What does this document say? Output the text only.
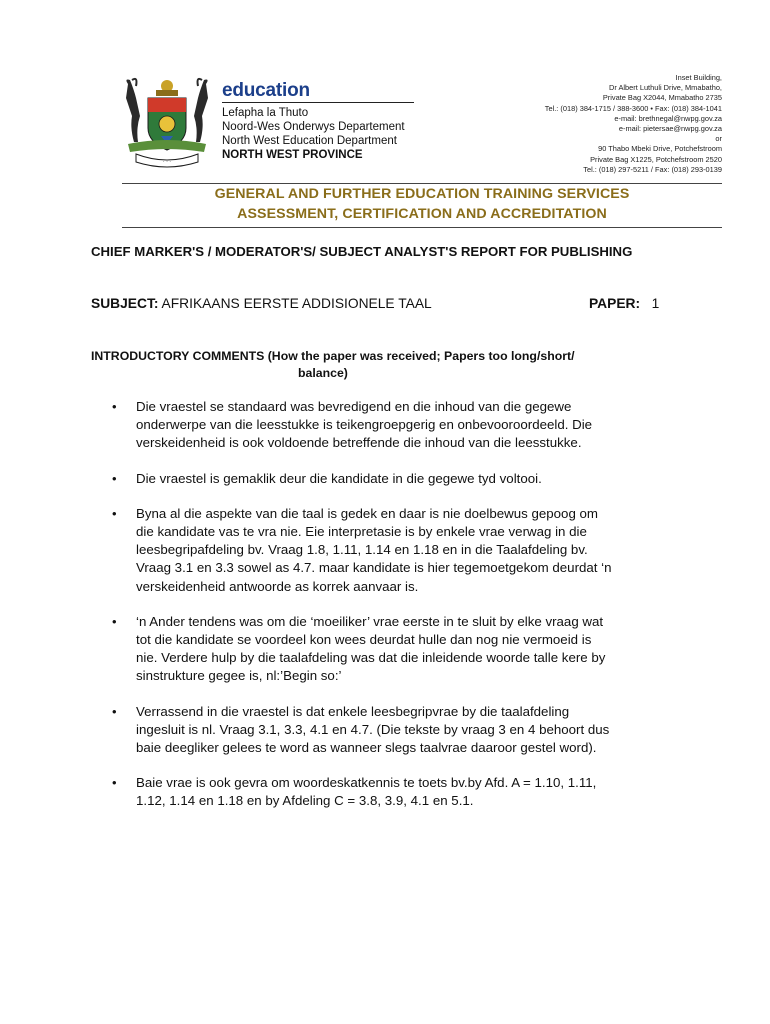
· · ·
education
Lefapha la Thuto
Noord-Wes Onderwys Departement
North West Education Department
NORTH WEST PROVINCE
Inset Building,
Dr Albert Luthuli Drive, Mmabatho,
Private Bag X2044, Mmabatho 2735
Tel.: (018) 384-1715 / 388-3600 • Fax: (018) 384-1041
e-mail: brethnegal@nwpg.gov.za
e-mail: pietersae@nwpg.gov.za
or
90 Thabo Mbeki Drive, Potchefstroom
Private Bag X1225, Potchefstroom 2520
Tel.: (018) 297-5211 / Fax: (018) 293-0139
GENERAL AND FURTHER EDUCATION TRAINING SERVICES
ASSESSMENT, CERTIFICATION AND ACCREDITATION
CHIEF MARKER'S / MODERATOR'S/ SUBJECT ANALYST'S REPORT FOR PUBLISHING
SUBJECT: AFRIKAANS EERSTE ADDISIONELE TAAL	PAPER: 1
INTRODUCTORY COMMENTS (How the paper was received; Papers too long/short/
balance)
• Die vraestel se standaard was bevredigend en die inhoud van die gegewe
onderwerpe van die leesstukke is teikengroepgerig en onbevooroordeeld. Die
verskeidenheid is ook voldoende betreffende die inhoud van die leesstukke.
• Die vraestel is gemaklik deur die kandidate in die gegewe tyd voltooi.
• Byna al die aspekte van die taal is gedek en daar is nie doelbewus gepoog om
die kandidate vas te vra nie. Eie interpretasie is by enkele vrae verwag in die
leesbegripafdeling bv. Vraag 1.8, 1.11, 1.14 en 1.18 en in die Taalafdeling bv.
Vraag 3.1 en 3.3 sowel as 4.7. maar kandidate is hier tegemoetgekom deurdat ‘n
verskeidenheid antwoorde as korrek aanvaar is.
• ‘n Ander tendens was om die ‘moeiliker’ vrae eerste in te sluit by elke vraag wat
tot die kandidate se voordeel kon wees deurdat hulle dan nog nie vermoeid is
nie. Verdere hulp by die taalafdeling was dat die inleidende woorde talle kere by
sinstrukture gegee is, nl:’Begin so:’
• Verrassend in die vraestel is dat enkele leesbegripvrae by die taalafdeling
ingesluit is nl. Vraag 3.1, 3.3, 4.1 en 4.7. (Die tekste by vraag 3 en 4 behoort dus
baie deegliker gelees te word as wanneer slegs taalvrae daaroor gestel word).
• Baie vrae is ook gevra om woordeskatkennis te toets bv.by Afd. A = 1.10, 1.11,
1.12, 1.14 en 1.18 en by Afdeling C = 3.8, 3.9, 4.1 en 5.1.
